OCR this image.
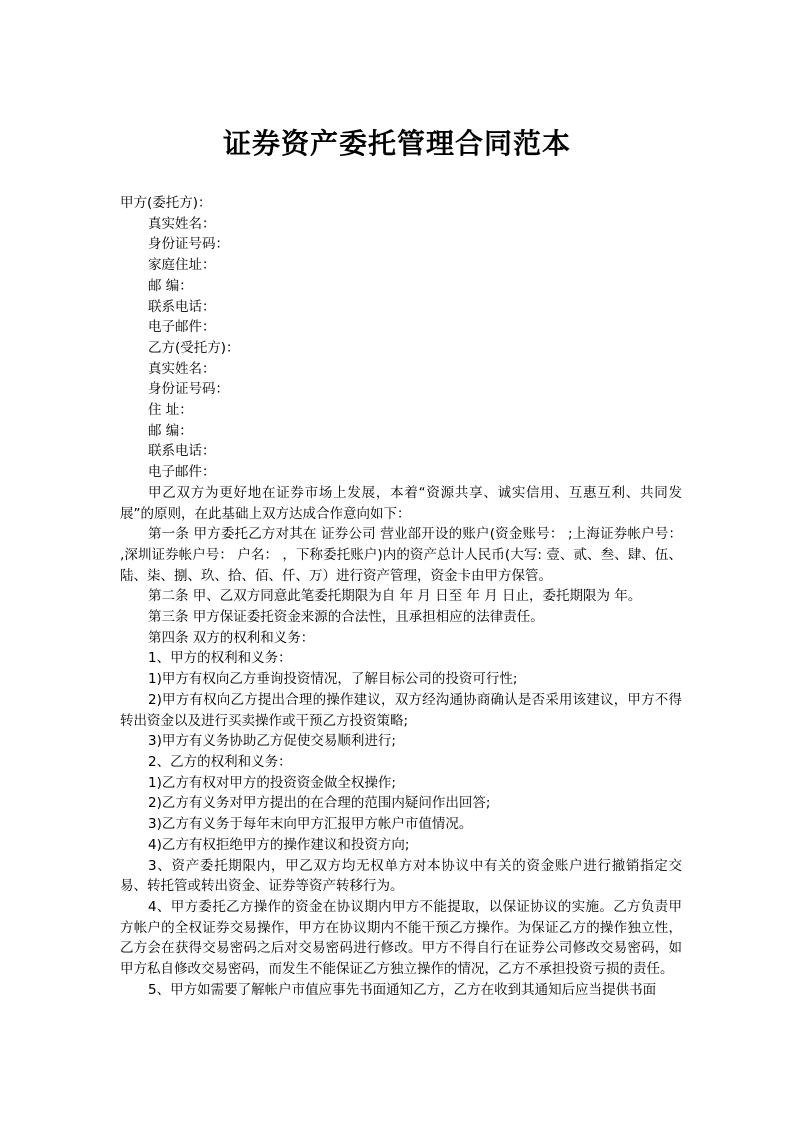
证券资产委托管理合同范本

甲方(委托方)：

真实姓名：

身份证号码：

家庭住址：

邮 编：

联系电话：

电子邮件：

乙方(受托方)：

真实姓名：

身份证号码：

住 址：

邮 编：

联系电话：

电子邮件：

甲乙双方为更好地在证券市场上发展，本着“资源共享、诚实信用、互惠互利、共同发展”的原则，在此基础上双方达成合作意向如下：

第一条 甲方委托乙方对其在 证券公司 营业部开设的账户(资金账号： ;上海证券帐户号： ,深圳证券帐户号： 户名： ，下称委托账户)内的资产总计人民币(大写: 壹、贰、叁、肆、伍、陆、柒、捌、玖、拾、佰、仟、万）进行资产管理，资金卡由甲方保管。

第二条 甲、乙双方同意此笔委托期限为自 年 月 日至 年 月 日止，委托期限为 年。

第三条 甲方保证委托资金来源的合法性，且承担相应的法律责任。

第四条 双方的权利和义务：

1、甲方的权利和义务：

1)甲方有权向乙方垂询投资情况，了解目标公司的投资可行性;

2)甲方有权向乙方提出合理的操作建议，双方经沟通协商确认是否采用该建议，甲方不得转出资金以及进行买卖操作或干预乙方投资策略;

3)甲方有义务协助乙方促使交易顺利进行;

2、乙方的权利和义务：

1)乙方有权对甲方的投资资金做全权操作;

2)乙方有义务对甲方提出的在合理的范围内疑问作出回答;

3)乙方有义务于每年末向甲方汇报甲方帐户市值情况。

4)乙方有权拒绝甲方的操作建议和投资方向;

3、资产委托期限内，甲乙双方均无权单方对本协议中有关的资金账户进行撤销指定交易、转托管或转出资金、证券等资产转移行为。

4、甲方委托乙方操作的资金在协议期内甲方不能提取，以保证协议的实施。乙方负责甲方帐户的全权证券交易操作，甲方在协议期内不能干预乙方操作。为保证乙方的操作独立性，乙方会在获得交易密码之后对交易密码进行修改。甲方不得自行在证券公司修改交易密码，如甲方私自修改交易密码，而发生不能保证乙方独立操作的情况，乙方不承担投资亏损的责任。

5、甲方如需要了解帐户市值应事先书面通知乙方，乙方在收到其通知后应当提供书面
